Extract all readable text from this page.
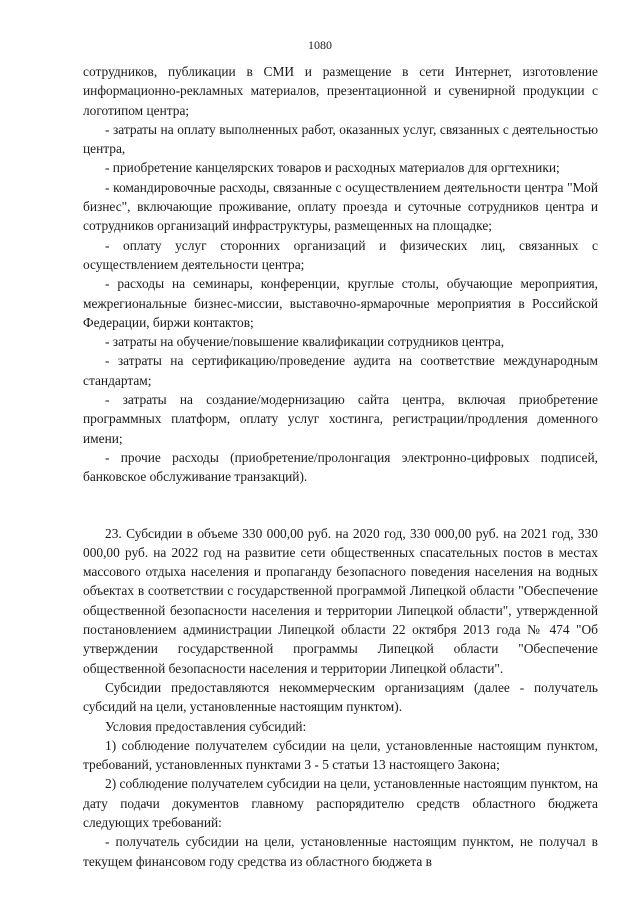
1080

сотрудников, публикации в СМИ и размещение в сети Интернет, изготовление информационно-рекламных материалов, презентационной и сувенирной продукции с логотипом центра;

- затраты на оплату выполненных работ, оказанных услуг, связанных с деятельностью центра,

- приобретение канцелярских товаров и расходных материалов для оргтехники;

- командировочные расходы, связанные с осуществлением деятельности центра "Мой бизнес", включающие проживание, оплату проезда и суточные сотрудников центра и сотрудников организаций инфраструктуры, размещенных на площадке;

- оплату услуг сторонних организаций и физических лиц, связанных с осуществлением деятельности центра;

- расходы на семинары, конференции, круглые столы, обучающие мероприятия, межрегиональные бизнес-миссии, выставочно-ярмарочные мероприятия в Российской Федерации, биржи контактов;

- затраты на обучение/повышение квалификации сотрудников центра,

- затраты на сертификацию/проведение аудита на соответствие международным стандартам;

- затраты на создание/модернизацию сайта центра, включая приобретение программных платформ, оплату услуг хостинга, регистрации/продления доменного имени;

- прочие расходы (приобретение/пролонгация электронно-цифровых подписей, банковское обслуживание транзакций).

23. Субсидии в объеме 330 000,00 руб. на 2020 год, 330 000,00 руб. на 2021 год, 330 000,00 руб. на 2022 год на развитие сети общественных спасательных постов в местах массового отдыха населения и пропаганду безопасного поведения населения на водных объектах в соответствии с государственной программой Липецкой области "Обеспечение общественной безопасности населения и территории Липецкой области", утвержденной постановлением администрации Липецкой области 22 октября 2013 года № 474 "Об утверждении государственной программы Липецкой области "Обеспечение общественной безопасности населения и территории Липецкой области".

Субсидии предоставляются некоммерческим организациям (далее - получатель субсидий на цели, установленные настоящим пунктом).

Условия предоставления субсидий:

1) соблюдение получателем субсидии на цели, установленные настоящим пунктом, требований, установленных пунктами 3 - 5 статьи 13 настоящего Закона;

2) соблюдение получателем субсидии на цели, установленные настоящим пунктом, на дату подачи документов главному распорядителю средств областного бюджета следующих требований:

- получатель субсидии на цели, установленные настоящим пунктом, не получал в текущем финансовом году средства из областного бюджета в
